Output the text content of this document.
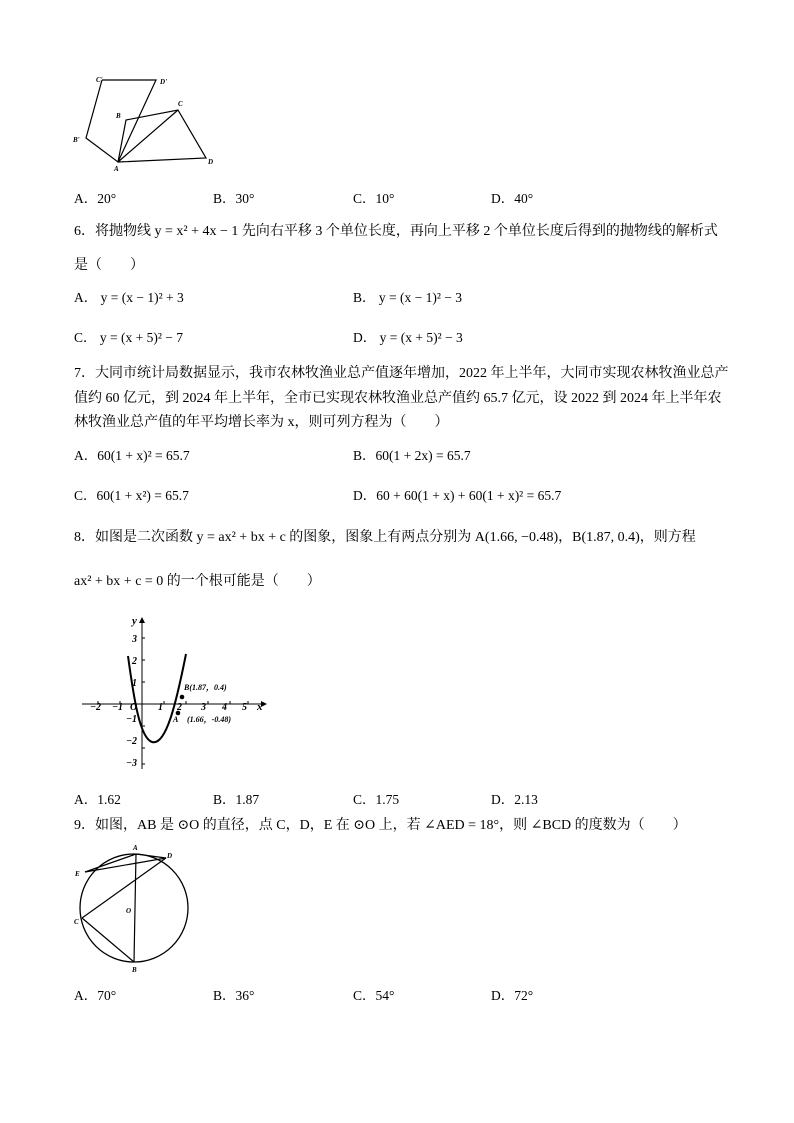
C'	D'
B
C
B'
A
D
A．20°	B．30°	C．10°	D．40°
6．将抛物线 y = x² + 4x − 1 先向右平移 3 个单位长度，再向上平移 2 个单位长度后得到的抛物线的解析式
是（　　）
A． y = (x − 1)² + 3	B． y = (x − 1)² − 3
C． y = (x + 5)² − 7	D． y = (x + 5)² − 3
7．大同市统计局数据显示，我市农林牧渔业总产值逐年增加，2022 年上半年，大同市实现农林牧渔业总产
值约 60 亿元，到 2024 年上半年，全市已实现农林牧渔业总产值约 65.7 亿元，设 2022 到 2024 年上半年农
林牧渔业总产值的年平均增长率为 x，则可列方程为（　　）
A．60(1 + x)² = 65.7	B．60(1 + 2x) = 65.7
C．60(1 + x²) = 65.7	D．60 + 60(1 + x) + 60(1 + x)² = 65.7
8．如图是二次函数 y = ax² + bx + c 的图象，图象上有两点分别为 A(1.66, −0.48)，B(1.87, 0.4)，则方程
ax² + bx + c = 0 的一个根可能是（　　）
−2 −1 O 1 2 3 4 5 x
y
3
2
1
−1
−2
−3
B(1.87，0.4)
A (1.66，-0.48)
A．1.62	B．1.87	C．1.75	D．2.13
9．如图，AB 是 ⊙O 的直径，点 C，D，E 在 ⊙O 上，若 ∠AED = 18°，则 ∠BCD 的度数为（　　）
A
D
E
O
C
B
A．70°	B．36°	C．54°	D．72°
